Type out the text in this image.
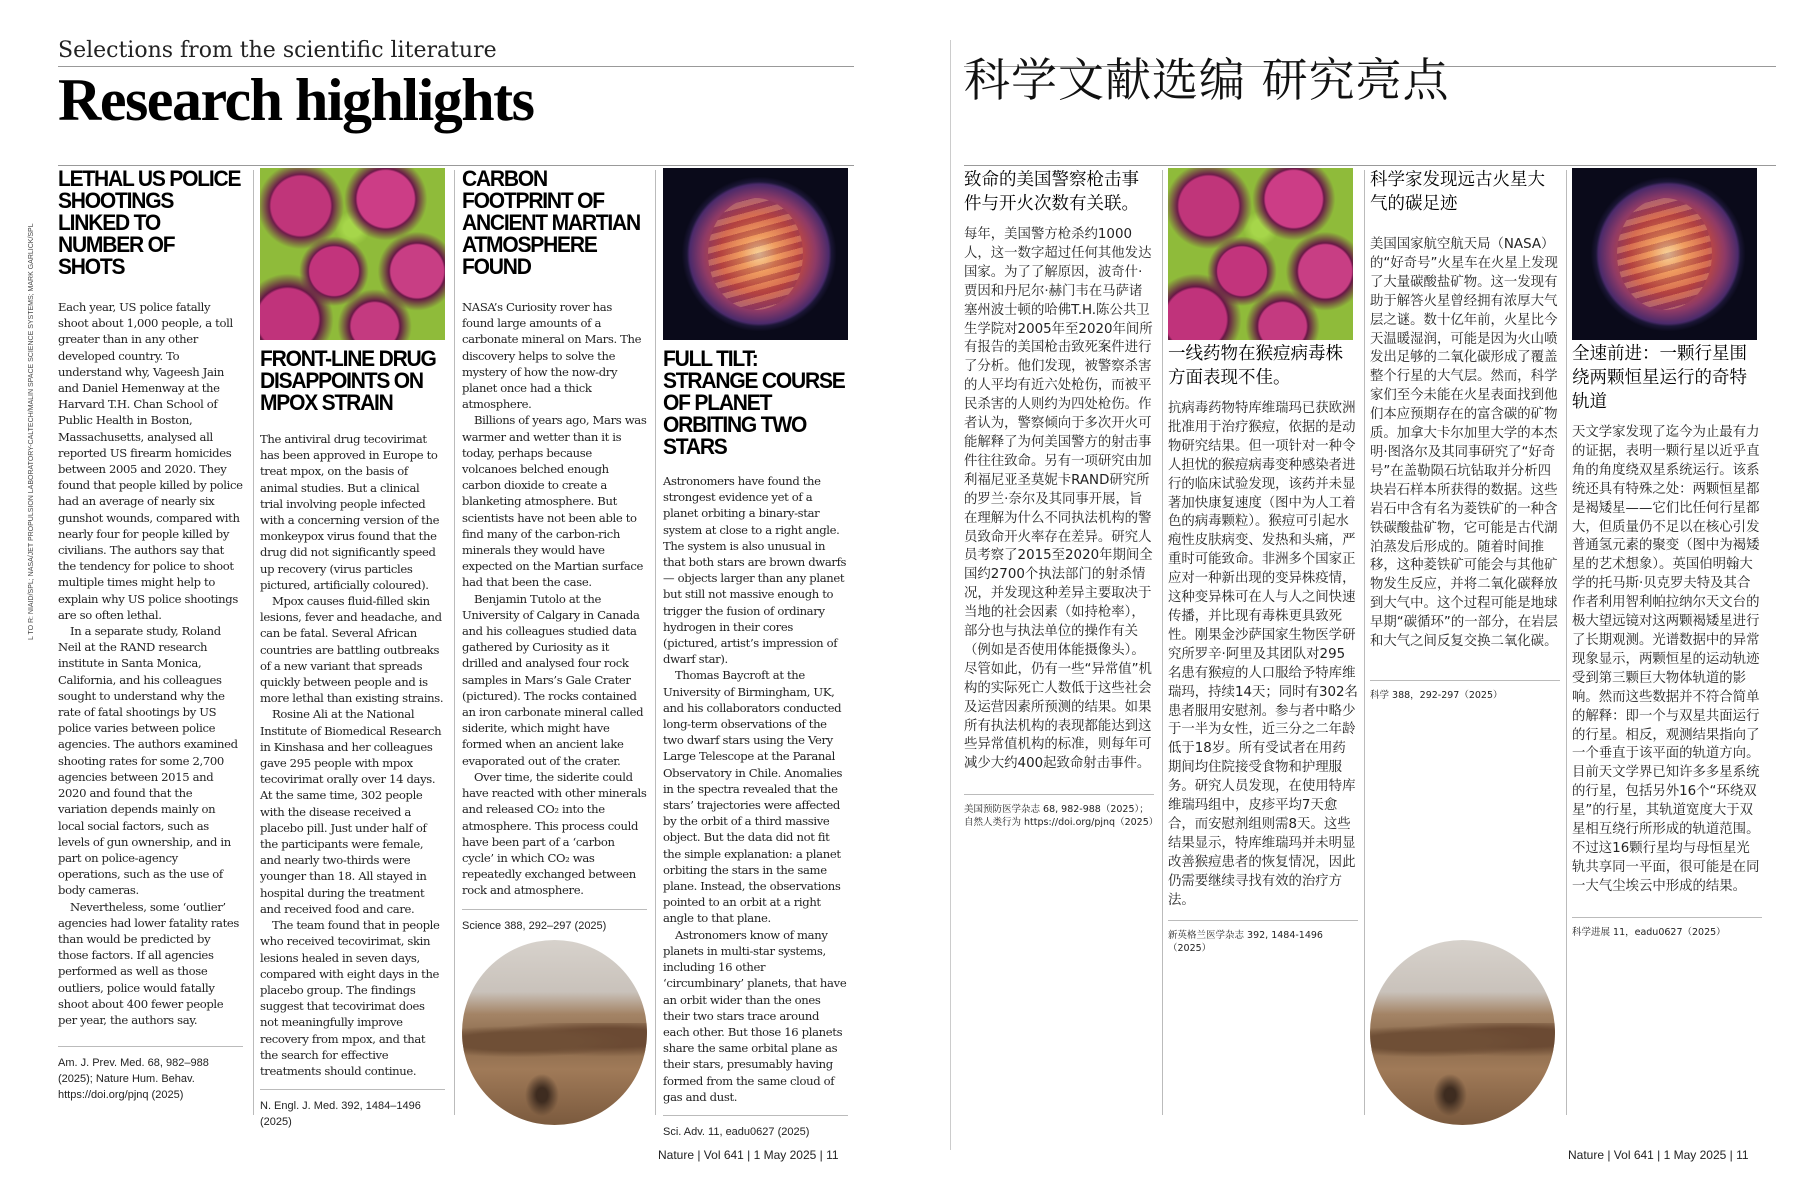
Selections from the scientific literature
Research highlights
L TO R: NIAID/SPL; NASA/JET PROPULSION LABORATORY-CALTECH/MALIN SPACE SCIENCE SYSTEMS; MARK GARLICK/SPL
LETHAL US POLICE SHOOTINGS LINKED TO NUMBER OF SHOTS

Each year, US police fatally shoot about 1,000 people, a toll greater than in any other developed country. To understand why, Vageesh Jain and Daniel Hemenway at the Harvard T.H. Chan School of Public Health in Boston, Massachusetts, analysed all reported US firearm homicides between 2005 and 2020. They found that people killed by police had an average of nearly six gunshot wounds, compared with nearly four for people killed by civilians. The authors say that the tendency for police to shoot multiple times might help to explain why US police shootings are so often lethal.

In a separate study, Roland Neil at the RAND research institute in Santa Monica, California, and his colleagues sought to understand why the rate of fatal shootings by US police varies between police agencies. The authors examined shooting rates for some 2,700 agencies between 2015 and 2020 and found that the variation depends mainly on local social factors, such as levels of gun ownership, and in part on police-agency operations, such as the use of body cameras.

Nevertheless, some ‘outlier’ agencies had lower fatality rates than would be predicted by those factors. If all agencies performed as well as those outliers, police would fatally shoot about 400 fewer people per year, the authors say.

Am. J. Prev. Med. 68, 982–988 (2025); Nature Hum. Behav. https://doi.org/pjnq (2025)
FRONT-LINE DRUG DISAPPOINTS ON MPOX STRAIN

The antiviral drug tecovirimat has been approved in Europe to treat mpox, on the basis of animal studies. But a clinical trial involving people infected with a concerning version of the monkeypox virus found that the drug did not significantly speed up recovery (virus particles pictured, artificially coloured).

Mpox causes fluid-filled skin lesions, fever and headache, and can be fatal. Several African countries are battling outbreaks of a new variant that spreads quickly between people and is more lethal than existing strains.

Rosine Ali at the National Institute of Biomedical Research in Kinshasa and her colleagues gave 295 people with mpox tecovirimat orally over 14 days. At the same time, 302 people with the disease received a placebo pill. Just under half of the participants were female, and nearly two-thirds were younger than 18. All stayed in hospital during the treatment and received food and care.

The team found that in people who received tecovirimat, skin lesions healed in seven days, compared with eight days in the placebo group. The findings suggest that tecovirimat does not meaningfully improve recovery from mpox, and that the search for effective treatments should continue.

N. Engl. J. Med. 392, 1484–1496 (2025)
CARBON FOOTPRINT OF ANCIENT MARTIAN ATMOSPHERE FOUND

NASA’s Curiosity rover has found large amounts of a carbonate mineral on Mars. The discovery helps to solve the mystery of how the now-dry planet once had a thick atmosphere.

Billions of years ago, Mars was warmer and wetter than it is today, perhaps because volcanoes belched enough carbon dioxide to create a blanketing atmosphere. But scientists have not been able to find many of the carbon-rich minerals they would have expected on the Martian surface had that been the case.

Benjamin Tutolo at the University of Calgary in Canada and his colleagues studied data gathered by Curiosity as it drilled and analysed four rock samples in Mars’s Gale Crater (pictured). The rocks contained an iron carbonate mineral called siderite, which might have formed when an ancient lake evaporated out of the crater.

Over time, the siderite could have reacted with other minerals and released CO₂ into the atmosphere. This process could have been part of a ‘carbon cycle’ in which CO₂ was repeatedly exchanged between rock and atmosphere.

Science 388, 292–297 (2025)
FULL TILT: STRANGE COURSE OF PLANET ORBITING TWO STARS

Astronomers have found the strongest evidence yet of a planet orbiting a binary-star system at close to a right angle. The system is also unusual in that both stars are brown dwarfs — objects larger than any planet but still not massive enough to trigger the fusion of ordinary hydrogen in their cores (pictured, artist’s impression of dwarf star).

Thomas Baycroft at the University of Birmingham, UK, and his collaborators conducted long-term observations of the two dwarf stars using the Very Large Telescope at the Paranal Observatory in Chile. Anomalies in the spectra revealed that the stars’ trajectories were affected by the orbit of a third massive object. But the data did not fit the simple explanation: a planet orbiting the stars in the same plane. Instead, the observations pointed to an orbit at a right angle to that plane.

Astronomers know of many planets in multi-star systems, including 16 other ‘circumbinary’ planets, that have an orbit wider than the ones their two stars trace around each other. But those 16 planets share the same orbital plane as their stars, presumably having formed from the same cloud of gas and dust.

Sci. Adv. 11, eadu0627 (2025)
Nature | Vol 641 | 1 May 2025 | 11
科学文献选编 研究亮点
致命的美国警察枪击事件与开火次数有关联。

每年，美国警方枪杀约1000人，这一数字超过任何其他发达国家。为了了解原因，波奇什·贾因和丹尼尔·赫门韦在马萨诸塞州波士顿的哈佛T.H.陈公共卫生学院对2005年至2020年间所有报告的美国枪击致死案件进行了分析。他们发现，被警察杀害的人平均有近六处枪伤，而被平民杀害的人则约为四处枪伤。作者认为，警察倾向于多次开火可能解释了为何美国警方的射击事件往往致命。另有一项研究由加利福尼亚圣莫妮卡RAND研究所的罗兰·奈尔及其同事开展，旨在理解为什么不同执法机构的警员致命开火率存在差异。研究人员考察了2015至2020年期间全国约2700个执法部门的射杀情况，并发现这种差异主要取决于当地的社会因素（如持枪率），部分也与执法单位的操作有关（例如是否使用体能摄像头）。尽管如此，仍有一些“异常值”机构的实际死亡人数低于这些社会及运营因素所预测的结果。如果所有执法机构的表现都能达到这些异常值机构的标准，则每年可减少大约400起致命射击事件。

美国预防医学杂志 68, 982-988（2025）；自然人类行为 https://doi.org/pjnq（2025）
一线药物在猴痘病毒株方面表现不佳。

抗病毒药物特库维瑞玛已获欧洲批准用于治疗猴痘，依据的是动物研究结果。但一项针对一种令人担忧的猴痘病毒变种感染者进行的临床试验发现，该药并未显著加快康复速度（图中为人工着色的病毒颗粒）。猴痘可引起水疱性皮肤病变、发热和头痛，严重时可能致命。非洲多个国家正应对一种新出现的变异株疫情，这种变异株可在人与人之间快速传播，并比现有毒株更具致死性。刚果金沙萨国家生物医学研究所罗辛·阿里及其团队对295名患有猴痘的人口服给予特库维瑞玛，持续14天；同时有302名患者服用安慰剂。参与者中略少于一半为女性，近三分之二年龄低于18岁。所有受试者在用药期间均住院接受食物和护理服务。研究人员发现，在使用特库维瑞玛组中，皮疹平均7天愈合，而安慰剂组则需8天。这些结果显示，特库维瑞玛并未明显改善猴痘患者的恢复情况，因此仍需要继续寻找有效的治疗方法。

新英格兰医学杂志 392, 1484-1496（2025）
科学家发现远古火星大气的碳足迹

美国国家航空航天局（NASA）的“好奇号”火星车在火星上发现了大量碳酸盐矿物。这一发现有助于解答火星曾经拥有浓厚大气层之谜。数十亿年前，火星比今天温暖湿润，可能是因为火山喷发出足够的二氧化碳形成了覆盖整个行星的大气层。然而，科学家们至今未能在火星表面找到他们本应预期存在的富含碳的矿物质。加拿大卡尔加里大学的本杰明·图洛尔及其同事研究了“好奇号”在盖勒陨石坑钻取并分析四块岩石样本所获得的数据。这些岩石中含有名为菱铁矿的一种含铁碳酸盐矿物，它可能是古代湖泊蒸发后形成的。随着时间推移，这种菱铁矿可能会与其他矿物发生反应，并将二氧化碳释放到大气中。这个过程可能是地球早期“碳循环”的一部分，在岩层和大气之间反复交换二氧化碳。

科学 388，292-297（2025）
全速前进：一颗行星围绕两颗恒星运行的奇特轨道

天文学家发现了迄今为止最有力的证据，表明一颗行星以近乎直角的角度绕双星系统运行。该系统还具有特殊之处：两颗恒星都是褐矮星——它们比任何行星都大，但质量仍不足以在核心引发普通氢元素的聚变（图中为褐矮星的艺术想象）。英国伯明翰大学的托马斯·贝克罗夫特及其合作者利用智利帕拉纳尔天文台的极大望远镜对这两颗褐矮星进行了长期观测。光谱数据中的异常现象显示，两颗恒星的运动轨迹受到第三颗巨大物体轨道的影响。然而这些数据并不符合简单的解释：即一个与双星共面运行的行星。相反，观测结果指向了一个垂直于该平面的轨道方向。目前天文学界已知许多多星系统的行星，包括另外16个“环绕双星”的行星，其轨道宽度大于双星相互绕行所形成的轨道范围。不过这16颗行星均与母恒星光轨共享同一平面，很可能是在同一大气尘埃云中形成的结果。

科学进展 11，eadu0627（2025）
Nature | Vol 641 | 1 May 2025 | 11
